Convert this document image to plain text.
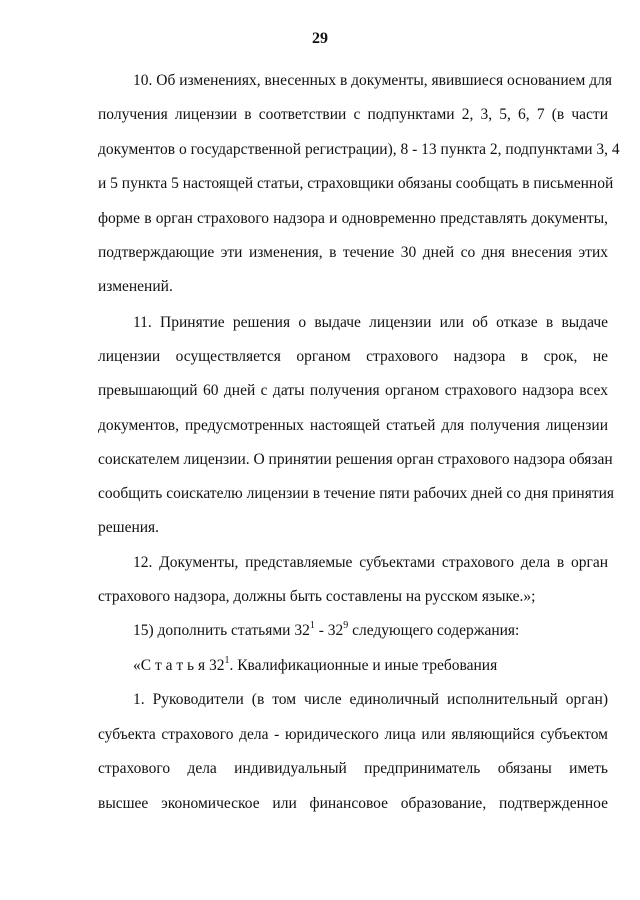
29
10. Об изменениях, внесенных в документы, явившиеся основанием для
получения лицензии в соответствии с подпунктами 2, 3, 5, 6, 7 (в части
документов о государственной регистрации), 8 - 13 пункта 2, подпунктами 3, 4
и 5 пункта 5 настоящей статьи, страховщики обязаны сообщать в письменной
форме в орган страхового надзора и одновременно представлять документы,
подтверждающие эти изменения, в течение 30 дней со дня внесения этих
изменений.
11. Принятие решения о выдаче лицензии или об отказе в выдаче
лицензии осуществляется органом страхового надзора в срок, не
превышающий 60 дней с даты получения органом страхового надзора всех
документов, предусмотренных настоящей статьей для получения лицензии
соискателем лицензии. О принятии решения орган страхового надзора обязан
сообщить соискателю лицензии в течение пяти рабочих дней со дня принятия
решения.
12. Документы, представляемые субъектами страхового дела в орган
страхового надзора, должны быть составлены на русском языке.»;
15) дополнить статьями $32^1 - 32^9$ следующего содержания:
«С т а т ь я $32^1$. Квалификационные и иные требования
1. Руководители (в том числе единоличный исполнительный орган)
субъекта страхового дела - юридического лица или являющийся субъектом
страхового дела индивидуальный предприниматель обязаны иметь
высшее экономическое или финансовое образование, подтвержденное
